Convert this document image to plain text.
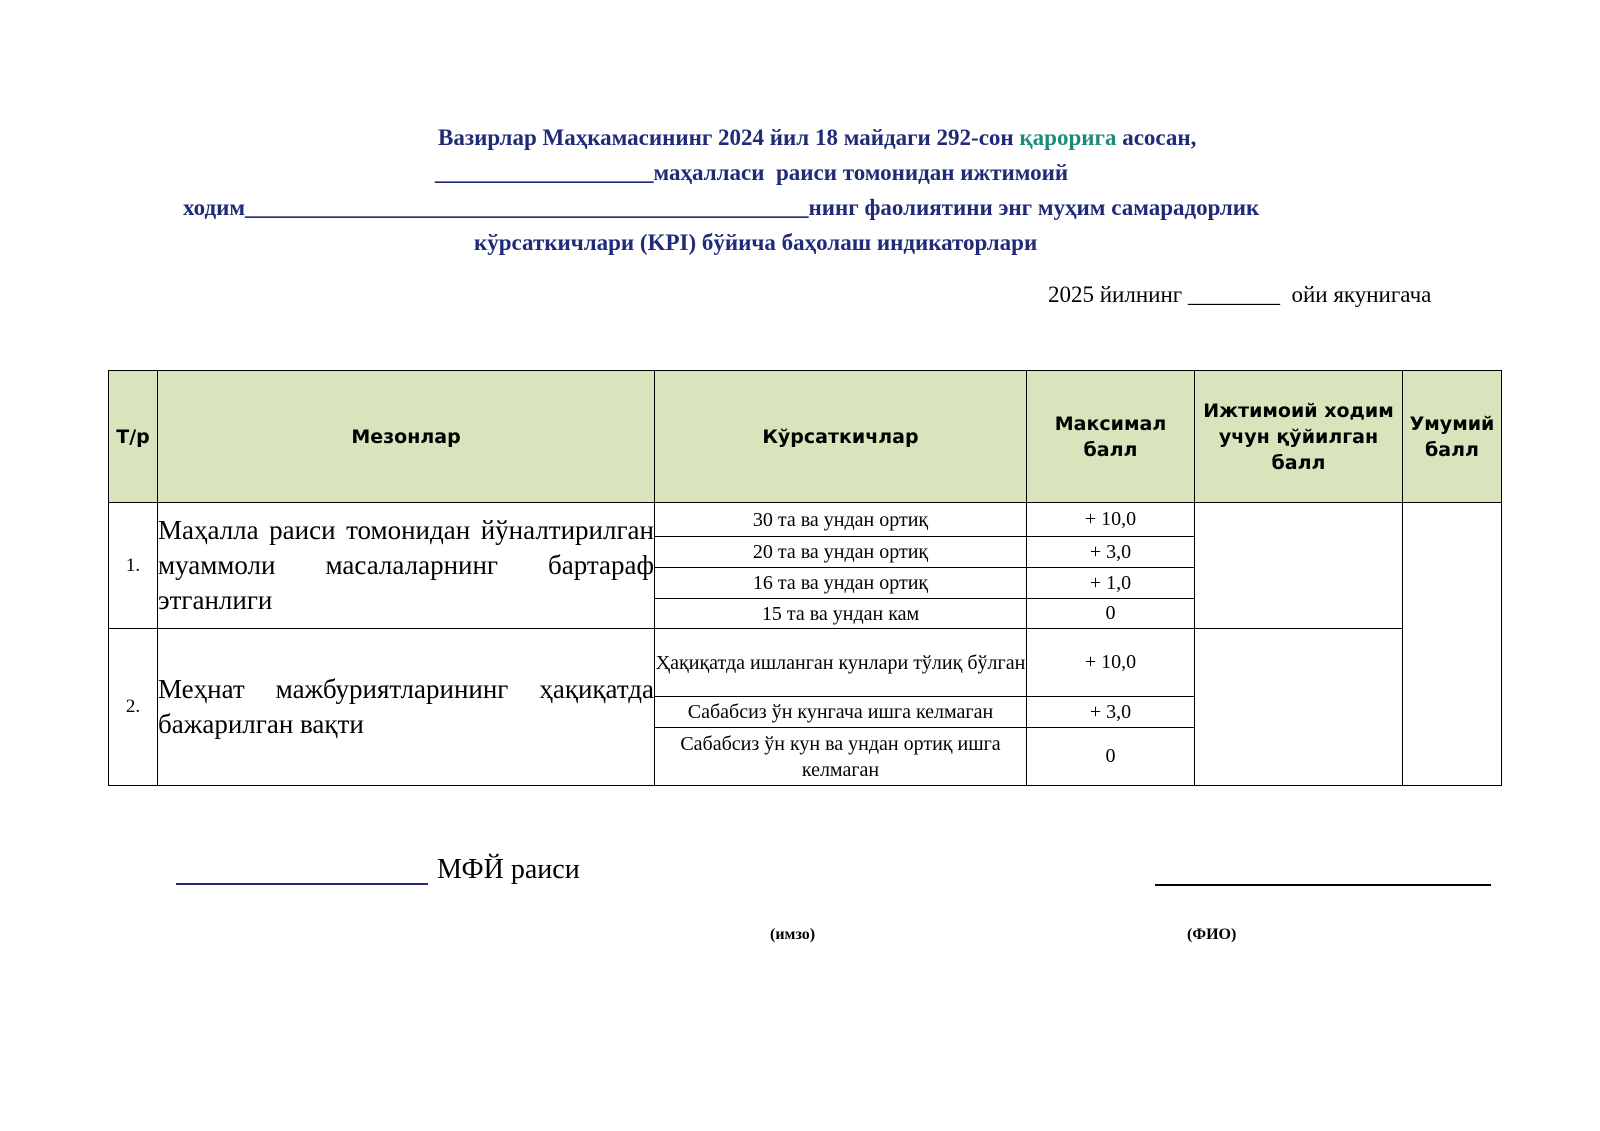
Вазирлар Маҳкамасининг 2024 йил 18 майдаги 292-сон қарорига асосан,
___________________маҳалласи  раиси томонидан ижтимоий
ходим_________________________________________________нинг фаолиятини энг муҳим самарадорлик
кўрсаткичлари (KPI) бўйича баҳолаш индикаторлари
2025 йилнинг ________  ойи якунигача
Т/р	Мезонлар	Кўрсаткичлар	Максимал балл	Ижтимоий ходим учун қўйилган балл	Умумий балл
1.	Маҳалла раиси томонидан йўналтирилган муаммоли масалаларнинг бартараф этганлиги	30 та ва ундан ортиқ	+ 10,0		
		20 та ва ундан ортиқ	+ 3,0		
		16 та ва ундан ортиқ	+ 1,0		
		15 та ва ундан кам	0		
2.	Меҳнат мажбуриятларининг ҳақиқатда бажарилган вақти	Ҳақиқатда ишланган кунлари тўлиқ бўлган	+ 10,0		
		Сабабсиз ўн кунгача ишга келмаган	+ 3,0		
		Сабабсиз ўн кун ва ундан ортиқ ишга келмаган	0		
МФЙ раиси
(имзо)	(ФИО)
